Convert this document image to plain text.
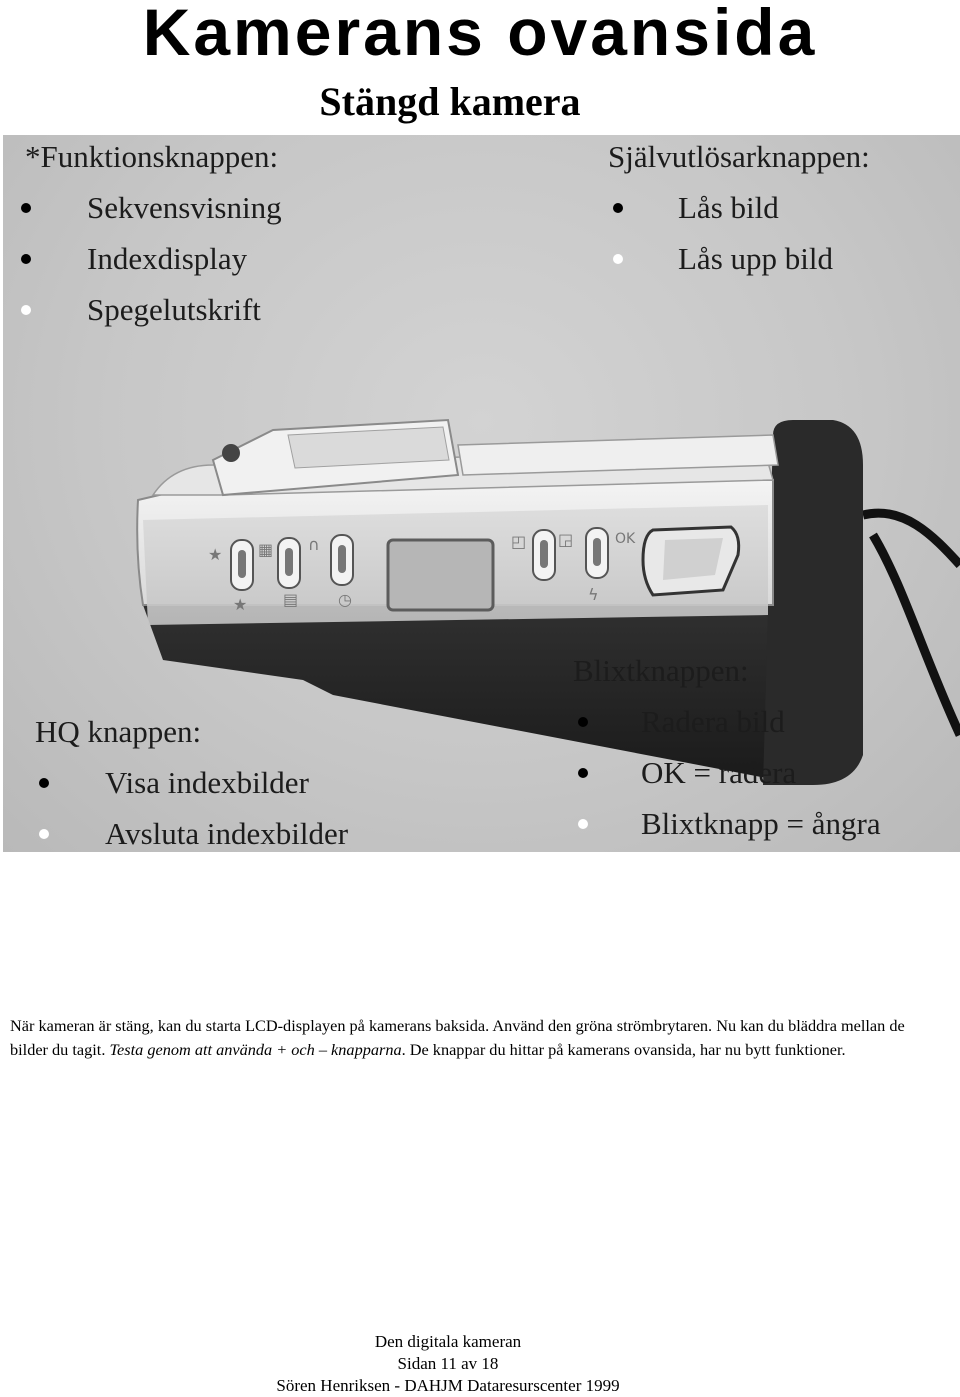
Kamerans ovansida
Stängd kamera
★
★
▦
▤
∩
◷
◰ ◲
ϟ
OK
*Funktionsknappen:
Sekvensvisning
Indexdisplay
Spegelutskrift
Självutlösarknappen:
Lås bild
Lås upp bild
HQ knappen:
Visa indexbilder
Avsluta indexbilder
Blixtknappen:
Radera bild
OK = radera
Blixtknapp = ångra

När kameran är stäng, kan du starta LCD-displayen på kamerans baksida. Använd den gröna strömbrytaren. Nu kan du bläddra mellan de bilder du tagit. Testa genom att använda + och – knapparna. De knappar du hittar på kamerans ovansida, har nu bytt funktioner.

Den digitala kameran
Sidan 11 av 18
Sören Henriksen - DAHJM Dataresurscenter 1999
